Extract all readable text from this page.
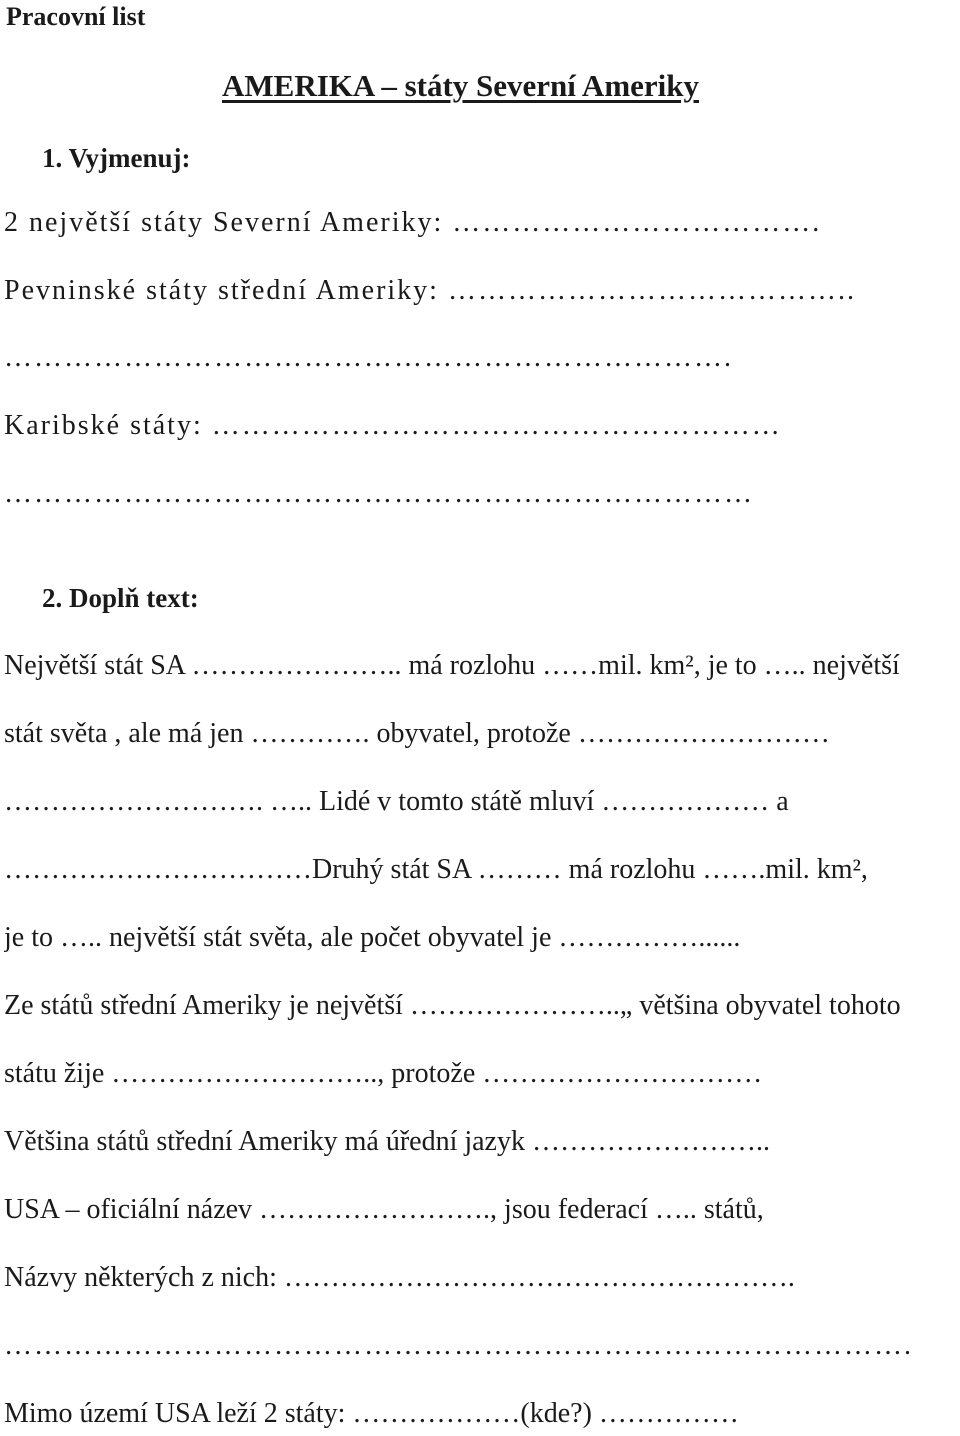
Pracovní list
AMERIKA – státy Severní Ameriky
1. Vyjmenuj:
2 největší státy Severní Ameriky: ……………………………….
Pevninské státy střední Ameriky: …………………………………..
……………………………………………………………….
Karibské státy: …………………………………………………
…………………………………………………………………
2. Doplň text:
Největší stát SA ………………….. má rozlohu ……mil. km², je to ….. největší
stát světa , ale má jen …………. obyvatel, protože ………………………
………………………. ….. Lidé v tomto státě mluví ……………… a
……………………………Druhý stát SA ……… má rozlohu …….mil. km²,
je to ….. největší stát světa, ale počet obyvatel je ……………......
Ze států střední Ameriky je největší …………………..„ většina obyvatel tohoto
státu žije ……………………….., protože …………………………
Většina států střední Ameriky má úřední jazyk ……………………..
USA – oficiální název ……………………., jsou federací ….. států,
Názvy některých z nich: ……………………………………………….
……………………………………………………………………………….
Mimo území USA leží 2 státy: ………………(kde?) ……………
